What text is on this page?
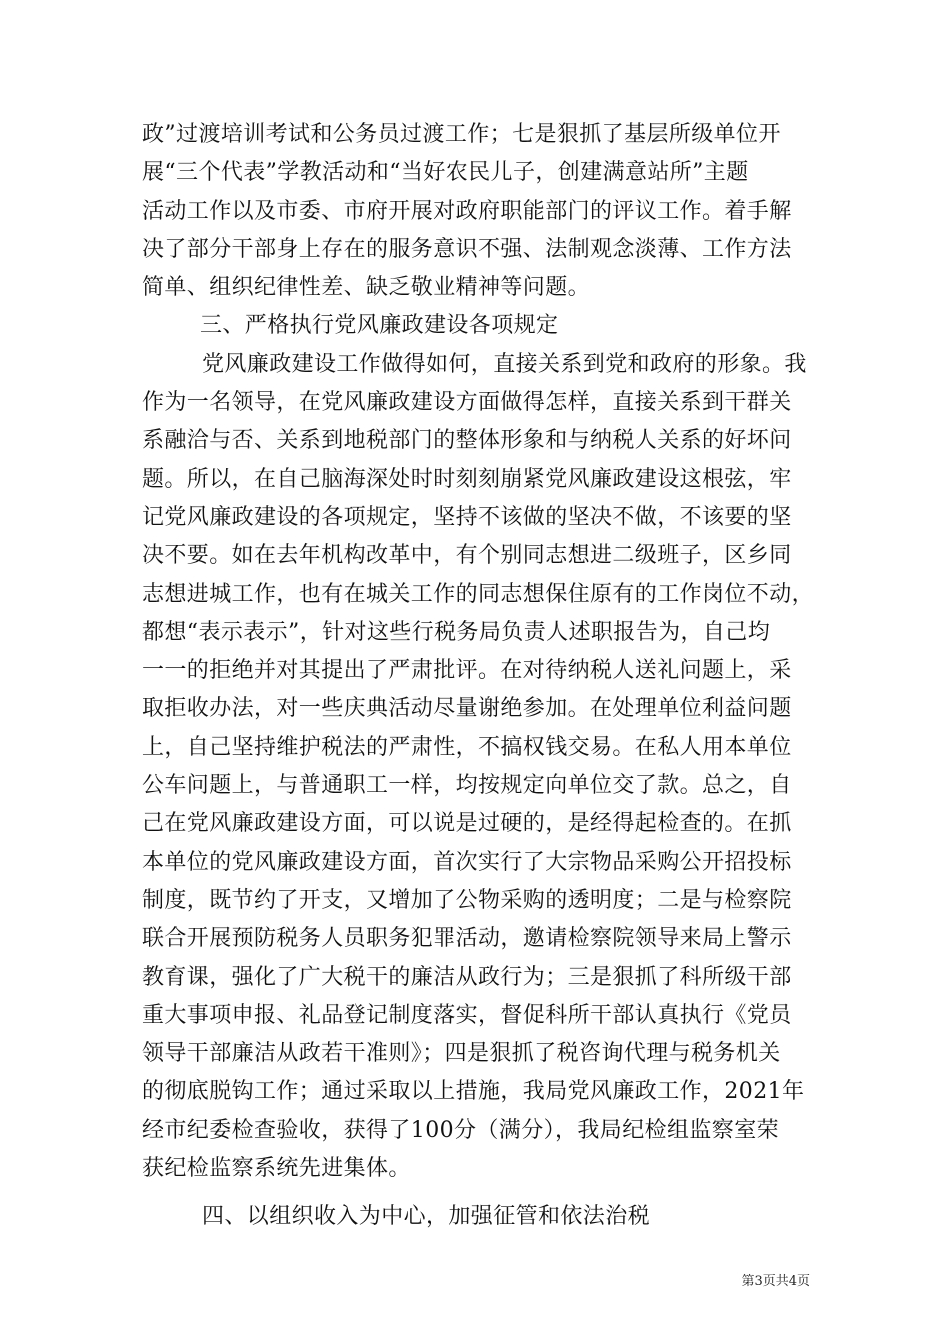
政”过渡培训考试和公务员过渡工作；七是狠抓了基层所级单位开
展“三个代表”学教活动和“当好农民儿子，创建满意站所”主题
活动工作以及市委、市府开展对政府职能部门的评议工作。着手解
决了部分干部身上存在的服务意识不强、法制观念淡薄、工作方法
简单、组织纪律性差、缺乏敬业精神等问题。
三、严格执行党风廉政建设各项规定
党风廉政建设工作做得如何，直接关系到党和政府的形象。我
作为一名领导，在党风廉政建设方面做得怎样，直接关系到干群关
系融洽与否、关系到地税部门的整体形象和与纳税人关系的好坏问
题。所以，在自己脑海深处时时刻刻崩紧党风廉政建设这根弦，牢
记党风廉政建设的各项规定，坚持不该做的坚决不做，不该要的坚
决不要。如在去年机构改革中，有个别同志想进二级班子，区乡同
志想进城工作，也有在城关工作的同志想保住原有的工作岗位不动，
都想“表示表示”，针对这些行税务局负责人述职报告为，自己均
一一的拒绝并对其提出了严肃批评。在对待纳税人送礼问题上，采
取拒收办法，对一些庆典活动尽量谢绝参加。在处理单位利益问题
上，自己坚持维护税法的严肃性，不搞权钱交易。在私人用本单位
公车问题上，与普通职工一样，均按规定向单位交了款。总之，自
己在党风廉政建设方面，可以说是过硬的，是经得起检查的。在抓
本单位的党风廉政建设方面，首次实行了大宗物品采购公开招投标
制度，既节约了开支，又增加了公物采购的透明度；二是与检察院
联合开展预防税务人员职务犯罪活动，邀请检察院领导来局上警示
教育课，强化了广大税干的廉洁从政行为；三是狠抓了科所级干部
重大事项申报、礼品登记制度落实，督促科所干部认真执行《党员
领导干部廉洁从政若干准则》；四是狠抓了税咨询代理与税务机关
的彻底脱钩工作；通过采取以上措施，我局党风廉政工作，2021年
经市纪委检查验收，获得了100分（满分），我局纪检组监察室荣
获纪检监察系统先进集体。
四、以组织收入为中心，加强征管和依法治税
第3页共4页
